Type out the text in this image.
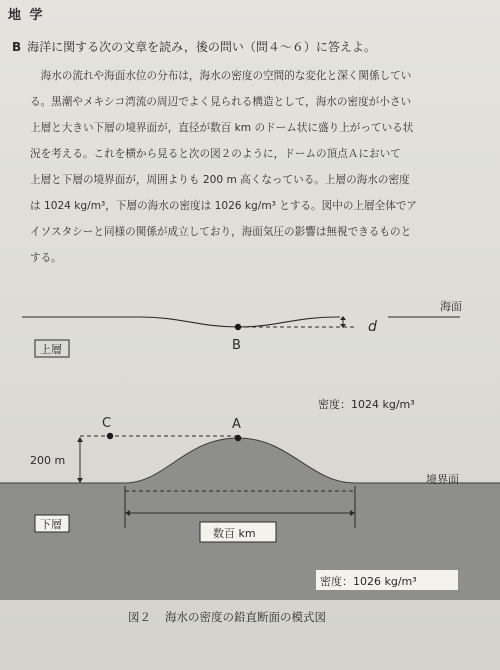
地 学
B 海洋に関する次の文章を読み，後の問い（問４～６）に答えよ。
　海水の流れや海面水位の分布は，海水の密度の空間的な変化と深く関係してい
る。黒潮やメキシコ湾流の周辺でよく見られる構造として，海水の密度が小さい
上層と大きい下層の境界面が，直径が数百 km のドーム状に盛り上がっている状
況を考える。これを横から見ると次の図２のように，ドームの頂点Ａにおいて
上層と下層の境界面が，周囲よりも 200 m 高くなっている。上層の海水の密度
は 1024 kg/m³，下層の海水の密度は 1026 kg/m³ とする。図中の上層全体でア
イソスタシーと同様の関係が成立しており，海面気圧の影響は無視できるものと
する。
d
海面
B
上層
密度：1024 kg/m³
C	A
200 m
境界面
下層
数百 km
密度：1026 kg/m³
図２ 海水の密度の鉛直断面の模式図
